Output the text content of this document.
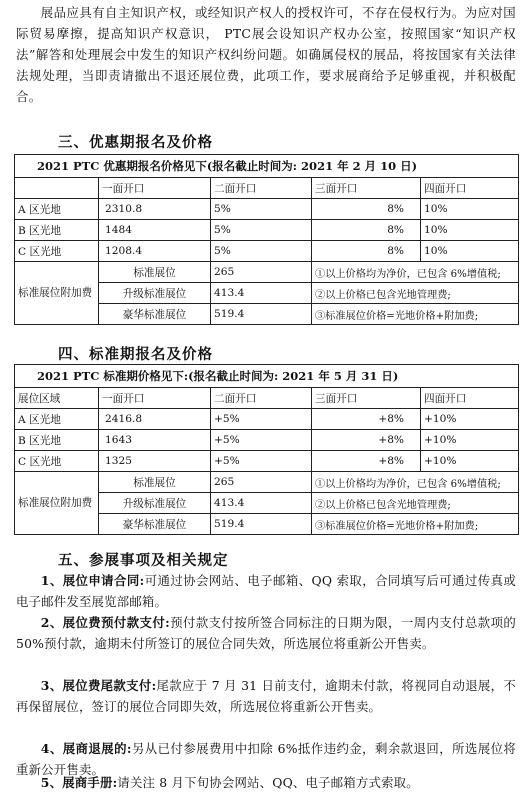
展品应具有自主知识产权，或经知识产权人的授权许可，不存在侵权行为。为应对国际贸易摩擦，提高知识产权意识， PTC展会设知识产权办公室，按照国家“知识产权法”解答和处理展会中发生的知识产权纠纷问题。如确属侵权的展品，将按国家有关法律法规处理，当即责请撤出不退还展位费，此项工作，要求展商给予足够重视，并积极配合。
三、优惠期报名及价格
2021 PTC 优惠期报名价格见下(报名截止时间为: 2021 年 2 月 10 日)				
	一面开口	二面开口	三面开口	四面开口
A 区光地	2310.8	5%	8%	10%
B 区光地	1484	5%	8%	10%
C 区光地	1208.4	5%	8%	10%
标准展位附加费	标准展位	265	①以上价格均为净价，已包含 6%增值税;	
	升级标准展位	413.4	②以上价格已包含光地管理费;	
	豪华标准展位	519.4	③标准展位价格=光地价格+附加费;	
四、标准期报名及价格
2021 PTC 标准期价格见下:(报名截止时间为: 2021 年 5 月 31 日)				
展位区域	一面开口	二面开口	三面开口	四面开口
A 区光地	2416.8	+5%	+8%	+10%
B 区光地	1643	+5%	+8%	+10%
C 区光地	1325	+5%	+8%	+10%
标准展位附加费	标准展位	265	①以上价格均为净价，已包含 6%增值税;	
	升级标准展位	413.4	②以上价格已包含光地管理费;	
	豪华标准展位	519.4	③标准展位价格=光地价格+附加费;	
五、参展事项及相关规定
1、展位申请合同:可通过协会网站、电子邮箱、QQ 索取，合同填写后可通过传真或电子邮件发至展览部邮箱。
2、展位费预付款支付:预付款支付按所签合同标注的日期为限，一周内支付总款项的 50%预付款，逾期未付所签订的展位合同失效，所选展位将重新公开售卖。
3、展位费尾款支付:尾款应于 7 月 31 日前支付，逾期未付款，将视同自动退展，不再保留展位，签订的展位合同即失效，所选展位将重新公开售卖。
4、展商退展的:另从已付参展费用中扣除 6%抵作违约金，剩余款退回，所选展位将重新公开售卖。
5、展商手册:请关注 8 月下旬协会网站、QQ、电子邮箱方式索取。
